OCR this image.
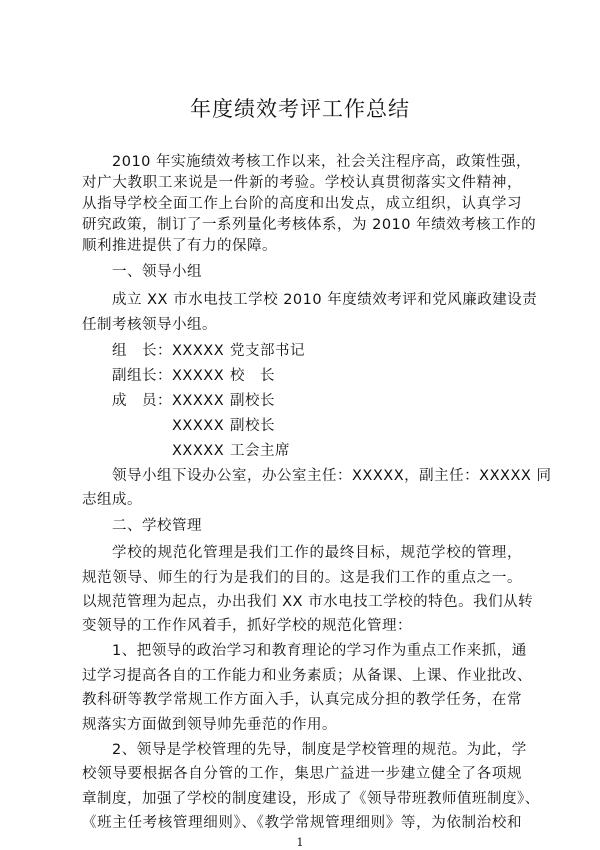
年度绩效考评工作总结
2010 年实施绩效考核工作以来，社会关注程序高，政策性强，
对广大教职工来说是一件新的考验。学校认真贯彻落实文件精神，
从指导学校全面工作上台阶的高度和出发点，成立组织，认真学习
研究政策，制订了一系列量化考核体系，为 2010 年绩效考核工作的
顺利推进提供了有力的保障。
一、领导小组
成立 XX 市水电技工学校 2010 年度绩效考评和党风廉政建设责
任制考核领导小组。
组　长： XXXXX 党支部书记
副组长： XXXXX 校　长
成　员： XXXXX 副校长
XXXXX 副校长
XXXXX 工会主席
领导小组下设办公室，办公室主任：XXXXX，副主任：XXXXX 同
志组成。
二、学校管理
学校的规范化管理是我们工作的最终目标，规范学校的管理，
规范领导、师生的行为是我们的目的。这是我们工作的重点之一。
以规范管理为起点，办出我们 XX 市水电技工学校的特色。我们从转
变领导的工作作风着手，抓好学校的规范化管理：
1、把领导的政治学习和教育理论的学习作为重点工作来抓，通
过学习提高各自的工作能力和业务素质；从备课、上课、作业批改、
教科研等教学常规工作方面入手，认真完成分担的教学任务，在常
规落实方面做到领导帅先垂范的作用。
2、领导是学校管理的先导，制度是学校管理的规范。为此，学
校领导要根据各自分管的工作，集思广益进一步建立健全了各项规
章制度，加强了学校的制度建设，形成了《领导带班教师值班制度》、
《班主任考核管理细则》、《教学常规管理细则》等，为依制治校和
1
